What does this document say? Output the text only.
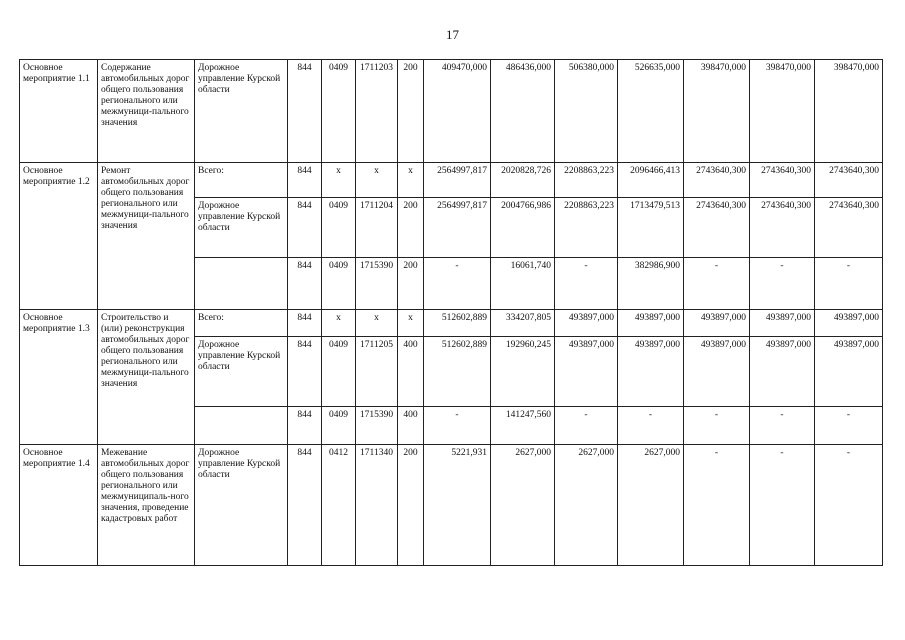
17
Основное мероприятие 1.1	Содержание автомобильных дорог общего пользования регионального или межмуници-пального значения	Дорожное управление Курской области	844	0409	1711203	200	409470,000	486436,000	506380,000	526635,000	398470,000	398470,000	398470,000
Основное мероприятие 1.2	Ремонт автомобильных дорог общего пользования регионального или межмуници-пального значения	Всего:	844	х	х	х	2564997,817	2020828,726	2208863,223	2096466,413	2743640,300	2743640,300	2743640,300
		Дорожное управление Курской области	844	0409	1711204	200	2564997,817	2004766,986	2208863,223	1713479,513	2743640,300	2743640,300	2743640,300
			844	0409	1715390	200	-	16061,740	-	382986,900	-	-	-
Основное мероприятие 1.3	Строительство и (или) реконструкция автомобильных дорог общего пользования регионального или межмуници-пального значения	Всего:	844	х	х	х	512602,889	334207,805	493897,000	493897,000	493897,000	493897,000	493897,000
		Дорожное управление Курской области	844	0409	1711205	400	512602,889	192960,245	493897,000	493897,000	493897,000	493897,000	493897,000
			844	0409	1715390	400	-	141247,560	-	-	-	-	-
Основное мероприятие 1.4	Межевание автомобильных дорог общего пользования регионального или межмуниципаль-ного значения, проведение кадастровых работ	Дорожное управление Курской области	844	0412	1711340	200	5221,931	2627,000	2627,000	2627,000	-	-	-
